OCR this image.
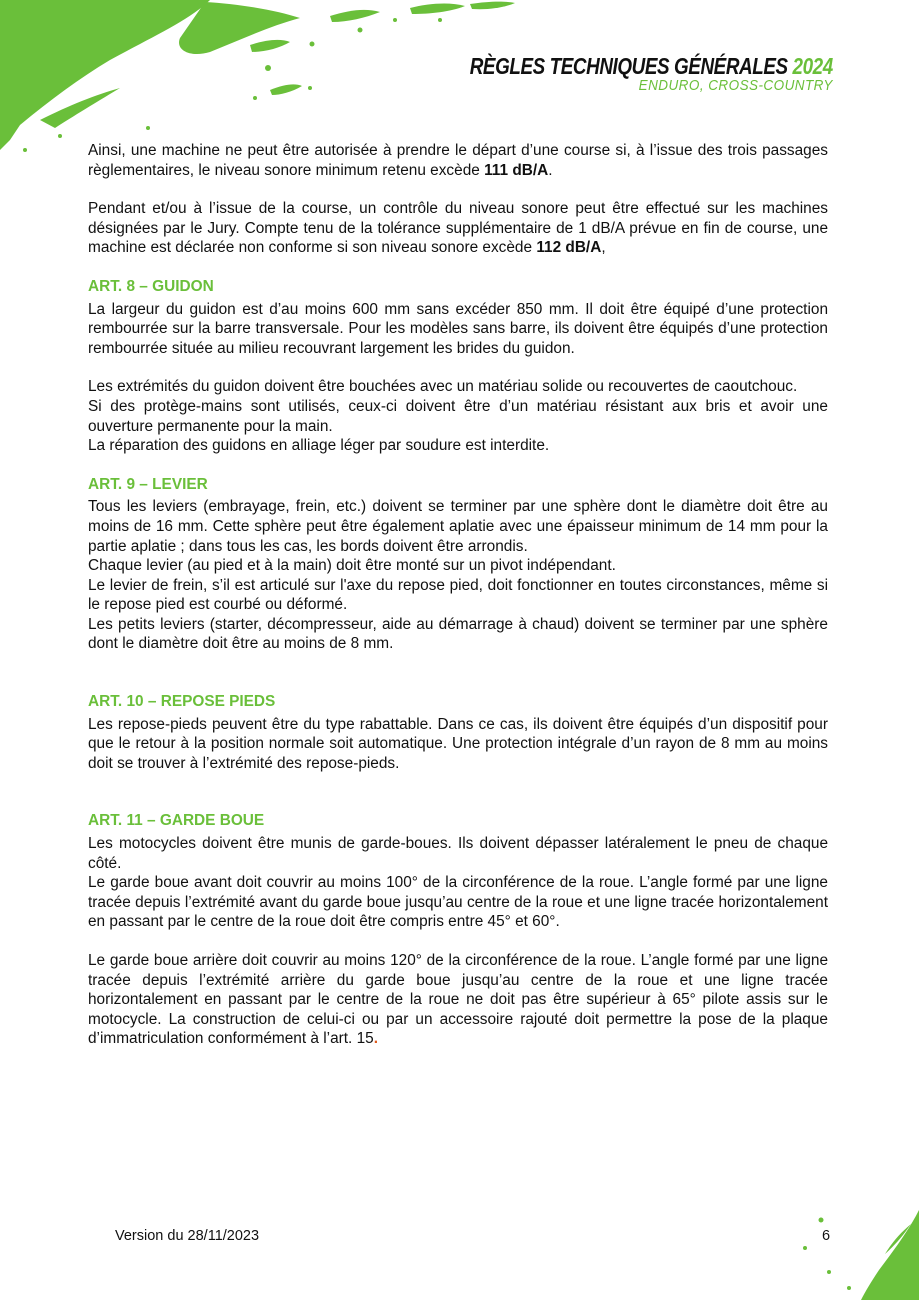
RÈGLES TECHNIQUES GÉNÉRALES 2024
ENDURO, CROSS-COUNTRY

Ainsi, une machine ne peut être autorisée à prendre le départ d’une course si, à l’issue des trois passages règlementaires, le niveau sonore minimum retenu excède 111 dB/A.

Pendant et/ou à l’issue de la course, un contrôle du niveau sonore peut être effectué sur les machines désignées par le Jury. Compte tenu de la tolérance supplémentaire de 1 dB/A prévue en fin de course, une machine est déclarée non conforme si son niveau sonore excède 112 dB/A,

ART. 8 – GUIDON

La largeur du guidon est d’au moins 600 mm sans excéder 850 mm. Il doit être équipé d’une protection rembourrée sur la barre transversale. Pour les modèles sans barre, ils doivent être équipés d’une protection rembourrée située au milieu recouvrant largement les brides du guidon.

Les extrémités du guidon doivent être bouchées avec un matériau solide ou recouvertes de caoutchouc.

Si des protège-mains sont utilisés, ceux-ci doivent être d’un matériau résistant aux bris et avoir une ouverture permanente pour la main.

La réparation des guidons en alliage léger par soudure est interdite.

ART. 9 – LEVIER

Tous les leviers (embrayage, frein, etc.) doivent se terminer par une sphère dont le diamètre doit être au moins de 16 mm. Cette sphère peut être également aplatie avec une épaisseur minimum de 14 mm pour la partie aplatie ; dans tous les cas, les bords doivent être arrondis.

Chaque levier (au pied et à la main) doit être monté sur un pivot indépendant.

Le levier de frein, s’il est articulé sur l'axe du repose pied, doit fonctionner en toutes circonstances, même si le repose pied est courbé ou déformé.

Les petits leviers (starter, décompresseur, aide au démarrage à chaud) doivent se terminer par une sphère dont le diamètre doit être au moins de 8 mm.

ART. 10 – REPOSE PIEDS

Les repose-pieds peuvent être du type rabattable. Dans ce cas, ils doivent être équipés d’un dispositif pour que le retour à la position normale soit automatique. Une protection intégrale d’un rayon de 8 mm au moins doit se trouver à l’extrémité des repose-pieds.

ART. 11 – GARDE BOUE

Les motocycles doivent être munis de garde-boues. Ils doivent dépasser latéralement le pneu de chaque côté.

Le garde boue avant doit couvrir au moins 100° de la circonférence de la roue. L’angle formé par une ligne tracée depuis l’extrémité avant du garde boue jusqu’au centre de la roue et une ligne tracée horizontalement en passant par le centre de la roue doit être compris entre 45° et 60°.

Le garde boue arrière doit couvrir au moins 120° de la circonférence de la roue. L’angle formé par une ligne tracée depuis l’extrémité arrière du garde boue jusqu’au centre de la roue et une ligne tracée horizontalement en passant par le centre de la roue ne doit pas être supérieur à 65° pilote assis sur le motocycle. La construction de celui-ci ou par un accessoire rajouté doit permettre la pose de la plaque d’immatriculation conformément à l’art. 15.

Version du 28/11/2023	6
